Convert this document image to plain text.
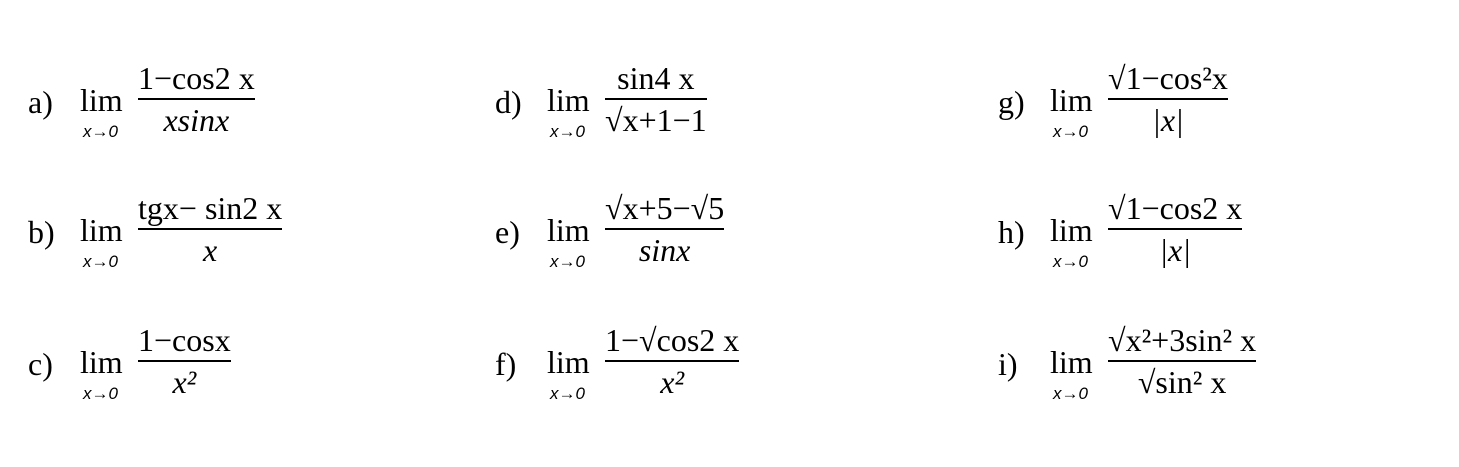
a) lim
x→0
1−cos2 x
xsinx
b) lim
x→0
tgx− sin2 x
x
c) lim
x→0
1−cosx
x²
d) lim
x→0
sin4 x
√x+1−1
e) lim
x→0
√x+5−√5
sinx
f) lim
x→0
1−√cos2 x
x²
g) lim
x→0
√1−cos²x
|x|
h) lim
x→0
√1−cos2 x
|x|
i) lim
x→0
√x²+3sin² x
√sin² x
